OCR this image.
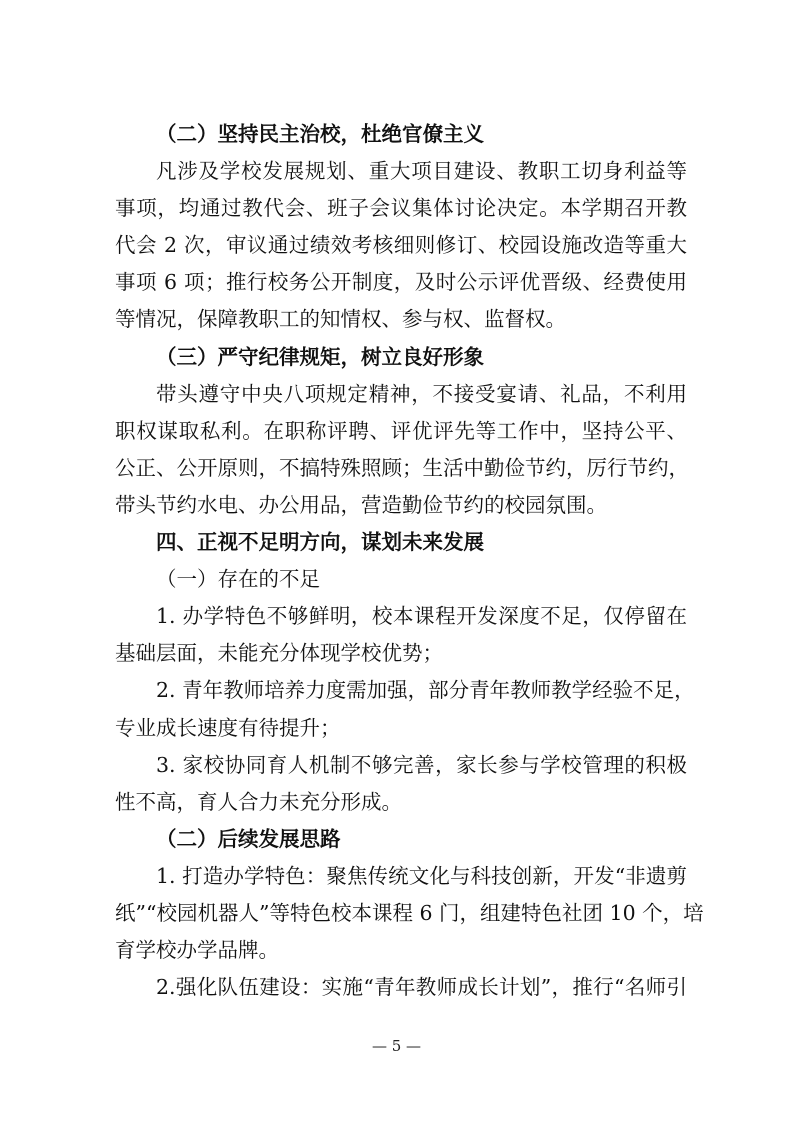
（二）坚持民主治校，杜绝官僚主义
凡涉及学校发展规划、重大项目建设、教职工切身利益等
事项，均通过教代会、班子会议集体讨论决定。本学期召开教
代会 2 次，审议通过绩效考核细则修订、校园设施改造等重大
事项 6 项；推行校务公开制度，及时公示评优晋级、经费使用
等情况，保障教职工的知情权、参与权、监督权。
（三）严守纪律规矩，树立良好形象
带头遵守中央八项规定精神，不接受宴请、礼品，不利用
职权谋取私利。在职称评聘、评优评先等工作中，坚持公平、
公正、公开原则，不搞特殊照顾；生活中勤俭节约，厉行节约，
带头节约水电、办公用品，营造勤俭节约的校园氛围。
四、正视不足明方向，谋划未来发展
（一）存在的不足
1. 办学特色不够鲜明，校本课程开发深度不足，仅停留在
基础层面，未能充分体现学校优势；
2. 青年教师培养力度需加强，部分青年教师教学经验不足，
专业成长速度有待提升；
3. 家校协同育人机制不够完善，家长参与学校管理的积极
性不高，育人合力未充分形成。
（二）后续发展思路
1. 打造办学特色：聚焦传统文化与科技创新，开发“非遗剪
纸”“校园机器人”等特色校本课程 6 门，组建特色社团 10 个，培
育学校办学品牌。
2.强化队伍建设：实施“青年教师成长计划”，推行“名师引
— 5 —
